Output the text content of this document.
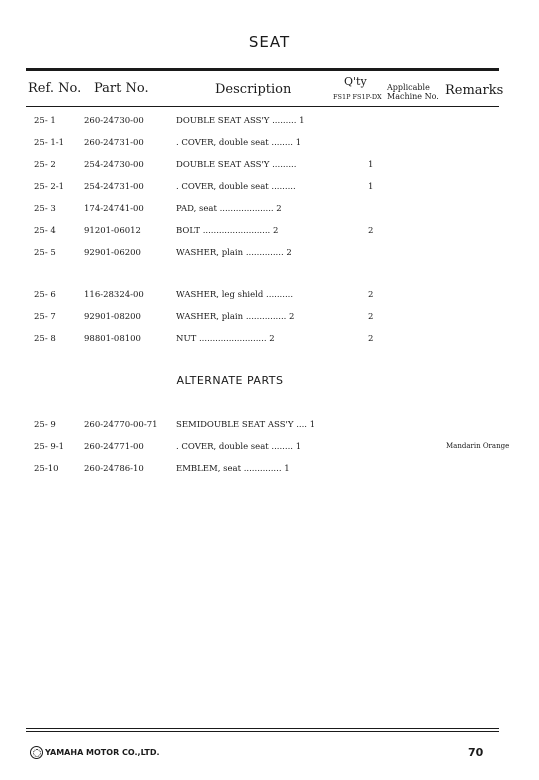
SEAT
Ref. No. Part No.	Description
Q'ty
FS1P FS1P-DX
Applicable
Machine No. Remarks
25- 1	260-24730-00	DOUBLE SEAT ASS'Y ......... 1
25- 1-1 260-24731-00	. COVER, double seat ........ 1
25- 2	254-24730-00	DOUBLE SEAT ASS'Y .........	1
25- 2-1 254-24731-00	. COVER, double seat .........	1
25- 3	174-24741-00	PAD, seat .................... 2
25- 4	91201-06012	BOLT ......................... 2	2
25- 5	92901-06200	WASHER, plain .............. 2
25- 6	116-28324-00	WASHER, leg shield ..........	2
25- 7	92901-08200	WASHER, plain ............... 2	2
25- 8	98801-08100	NUT ......................... 2	2
ALTERNATE PARTS
25- 9	260-24770-00-71 SEMIDOUBLE SEAT ASS'Y .... 1
25- 9-1 260-24771-00	. COVER, double seat ........ 1	Mandarin Orange
25-10	260-24786-10	EMBLEM, seat .............. 1
YAMAHA MOTOR CO.,LTD.	70
